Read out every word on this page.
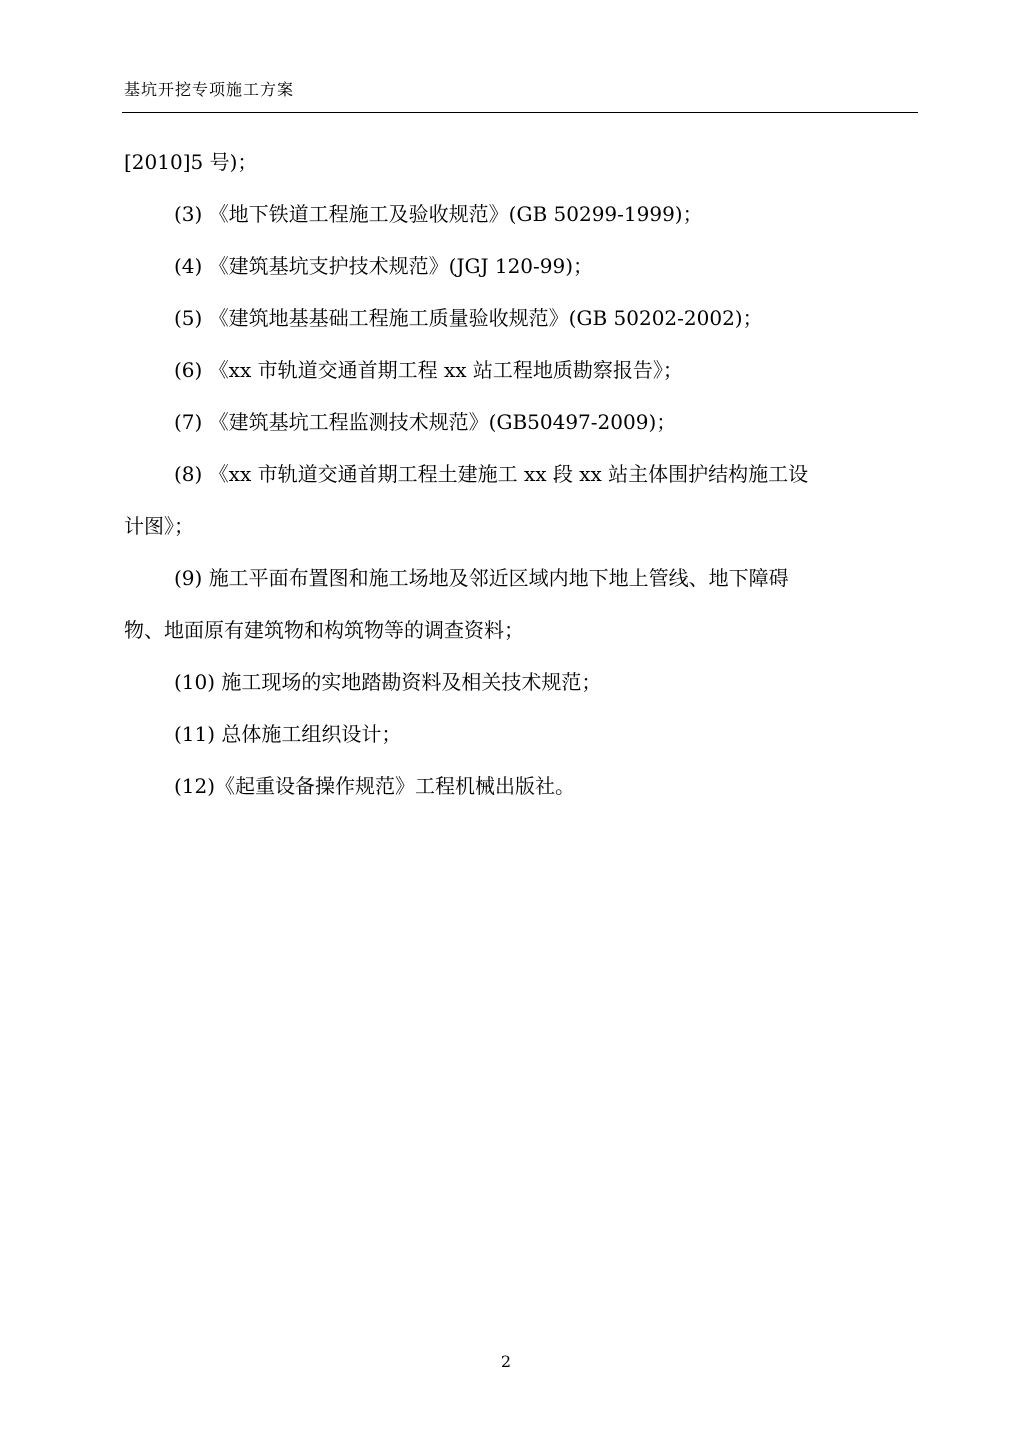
基坑开挖专项施工方案
[2010]5 号)；
(3) 《地下铁道工程施工及验收规范》(GB 50299-1999)；
(4) 《建筑基坑支护技术规范》(JGJ 120-99)；
(5) 《建筑地基基础工程施工质量验收规范》(GB 50202-2002)；
(6) 《xx 市轨道交通首期工程 xx 站工程地质勘察报告》；
(7) 《建筑基坑工程监测技术规范》(GB50497-2009)；
(8) 《xx 市轨道交通首期工程土建施工 xx 段 xx 站主体围护结构施工设
计图》；
(9) 施工平面布置图和施工场地及邻近区域内地下地上管线、地下障碍
物、地面原有建筑物和构筑物等的调查资料；
(10) 施工现场的实地踏勘资料及相关技术规范；
(11) 总体施工组织设计；
(12)《起重设备操作规范》工程机械出版社。
2
